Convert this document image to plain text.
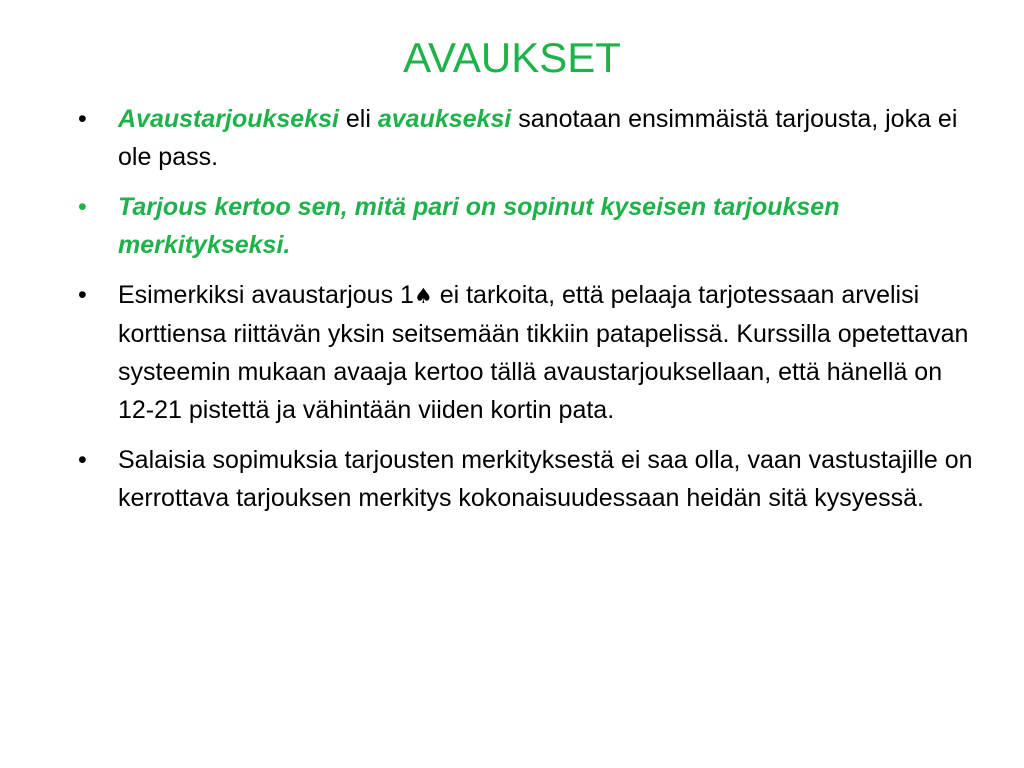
AVAUKSET
•	Avaustarjoukseksi eli avaukseksi sanotaan ensimmäistä tarjousta, joka ei ole pass.
•	Tarjous kertoo sen, mitä pari on sopinut kyseisen tarjouksen merkitykseksi.
•	Esimerkiksi avaustarjous 1♠ ei tarkoita, että pelaaja tarjotessaan arvelisi korttiensa riittävän yksin seitsemään tikkiin patapelissä. Kurssilla opetettavan systeemin mukaan avaaja kertoo tällä avaustarjouksellaan, että hänellä on 12-21 pistettä ja vähintään viiden kortin pata.
•	Salaisia sopimuksia tarjousten merkityksestä ei saa olla, vaan vastustajille on kerrottava tarjouksen merkitys kokonaisuudessaan heidän sitä kysyessä.
